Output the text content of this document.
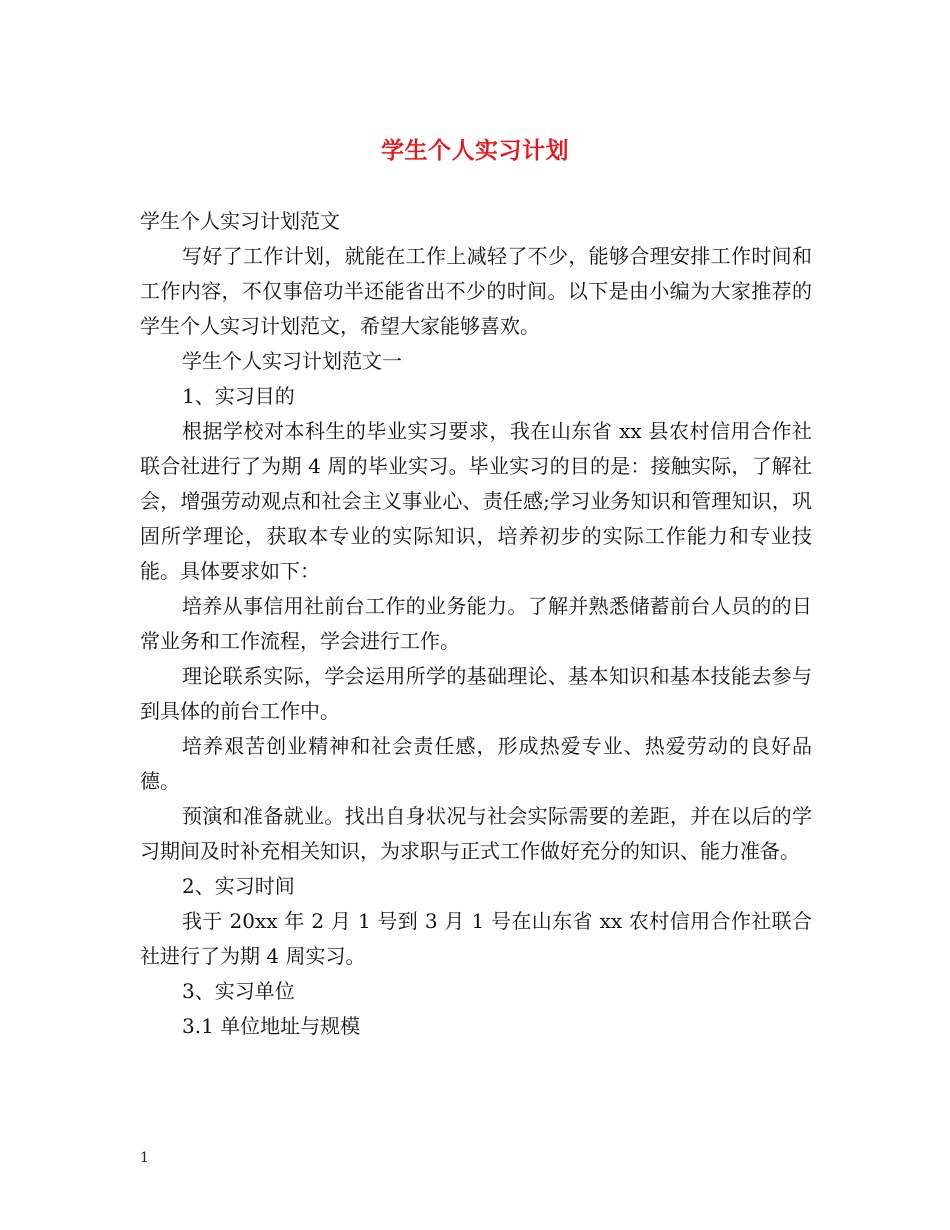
学生个人实习计划

学生个人实习计划范文

写好了工作计划，就能在工作上减轻了不少，能够合理安排工作时间和工作内容，不仅事倍功半还能省出不少的时间。以下是由小编为大家推荐的学生个人实习计划范文，希望大家能够喜欢。

学生个人实习计划范文一

1、实习目的

根据学校对本科生的毕业实习要求，我在山东省 xx 县农村信用合作社联合社进行了为期 4 周的毕业实习。毕业实习的目的是：接触实际，了解社会，增强劳动观点和社会主义事业心、责任感;学习业务知识和管理知识，巩固所学理论，获取本专业的实际知识，培养初步的实际工作能力和专业技能。具体要求如下：

培养从事信用社前台工作的业务能力。了解并熟悉储蓄前台人员的的日常业务和工作流程，学会进行工作。

理论联系实际，学会运用所学的基础理论、基本知识和基本技能去参与到具体的前台工作中。

培养艰苦创业精神和社会责任感，形成热爱专业、热爱劳动的良好品德。

预演和准备就业。找出自身状况与社会实际需要的差距，并在以后的学习期间及时补充相关知识，为求职与正式工作做好充分的知识、能力准备。

2、实习时间

我于 20xx 年 2 月 1 号到 3 月 1 号在山东省 xx 农村信用合作社联合社进行了为期 4 周实习。

3、实习单位

3.1 单位地址与规模

1
